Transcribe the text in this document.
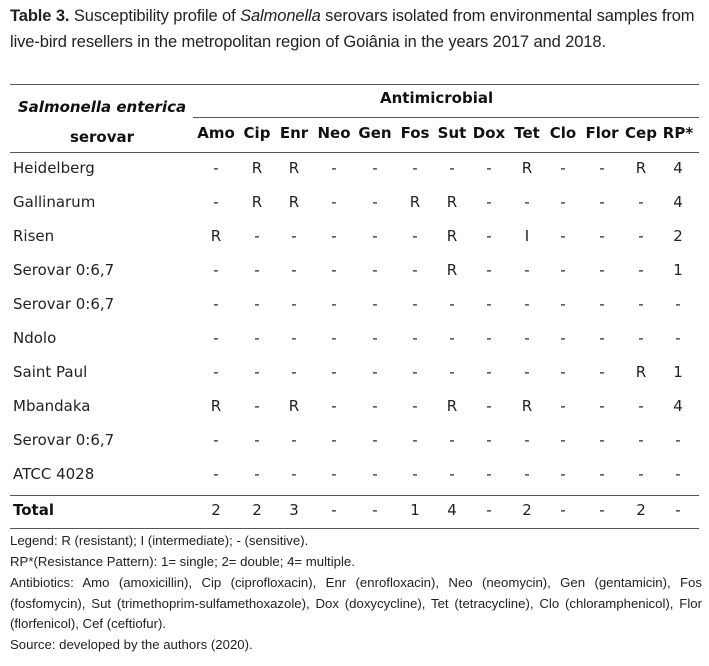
Table 3. Susceptibility profile of Salmonella serovars isolated from environmental samples from live-bird resellers in the metropolitan region of Goiânia in the years 2017 and 2018.
Salmonella enterica
serovar
Antimicrobial
Amo Cip Enr Neo Gen Fos Sut Dox Tet Clo Flor Cep RP*
Heidelberg	-	R	R	-	-	-	-	-	R	-	-	R	4
Gallinarum	-	R	R	-	-	R	R	-	-	-	-	-	4
Risen	R	-	-	-	-	-	R	-	I	-	-	-	2
Serovar 0:6,7	-	-	-	-	-	-	R	-	-	-	-	-	1
Serovar 0:6,7	-	-	-	-	-	-	-	-	-	-	-	-	-
Ndolo	-	-	-	-	-	-	-	-	-	-	-	-	-
Saint Paul	-	-	-	-	-	-	-	-	-	-	-	R	1
Mbandaka	R	-	R	-	-	-	R	-	R	-	-	-	4
Serovar 0:6,7	-	-	-	-	-	-	-	-	-	-	-	-	-
ATCC 4028	-	-	-	-	-	-	-	-	-	-	-	-	-
Total	2	2	3	-	-	1	4	-	2	-	-	2	-
Legend: R (resistant); I (intermediate); - (sensitive).
RP*(Resistance Pattern): 1= single; 2= double; 4= multiple.
Antibiotics: Amo (amoxicillin), Cip (ciprofloxacin), Enr (enrofloxacin), Neo (neomycin), Gen (gentamicin), Fos (fosfomycin), Sut (trimethoprim-sulfamethoxazole), Dox (doxycycline), Tet (tetracycline), Clo (chloramphenicol), Flor (florfenicol), Cef (ceftiofur).
Source: developed by the authors (2020).
